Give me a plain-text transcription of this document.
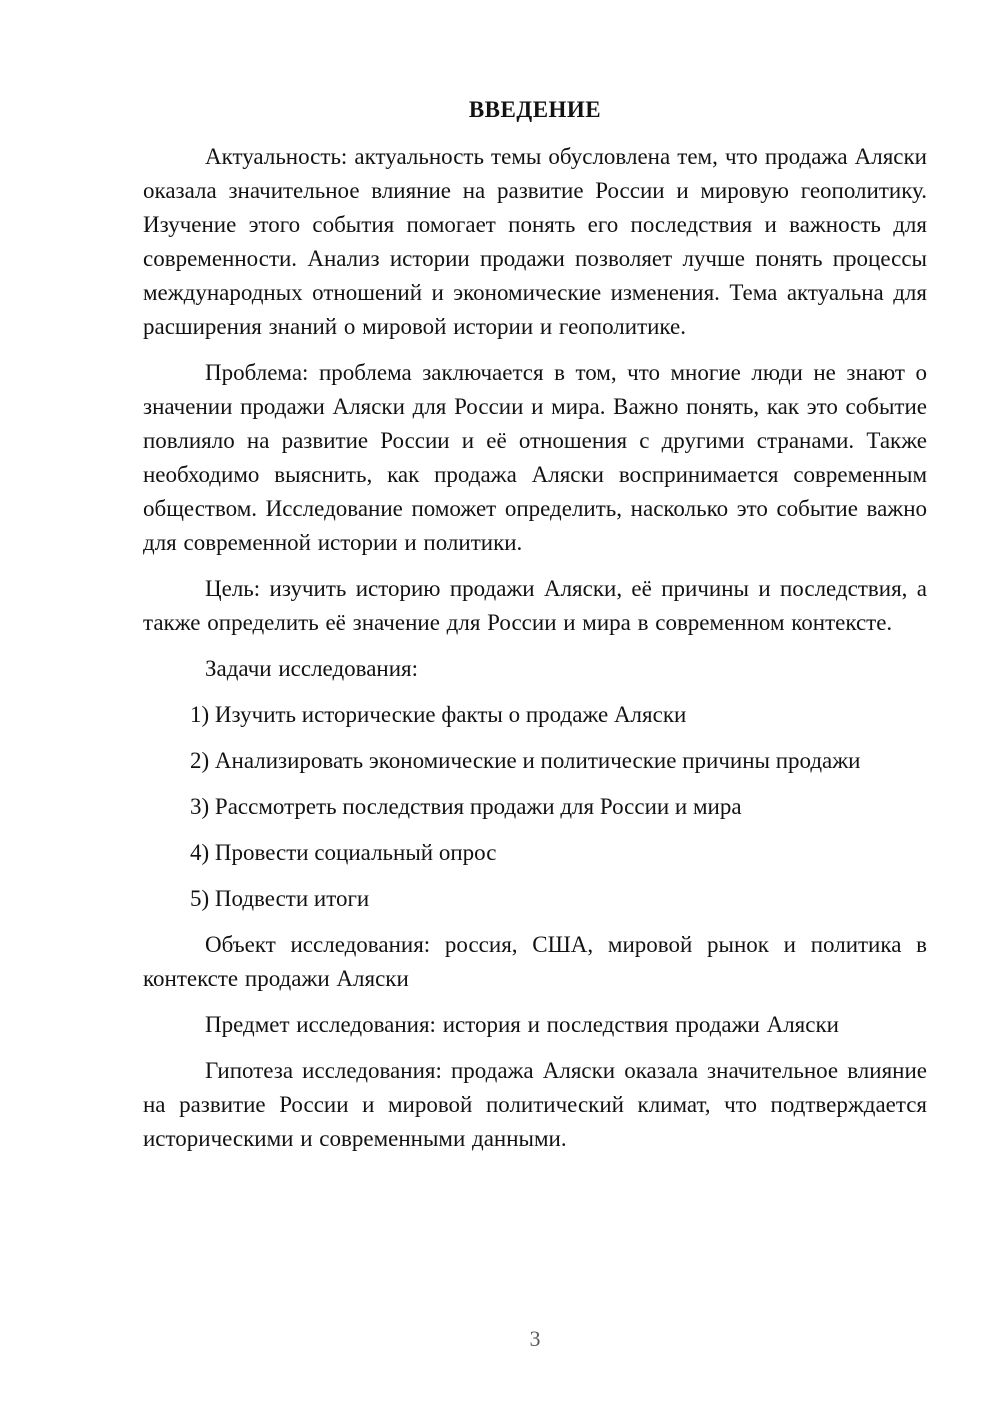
ВВЕДЕНИЕ

Актуальность: актуальность темы обусловлена тем, что продажа Аляски оказала значительное влияние на развитие России и мировую геополитику. Изучение этого события помогает понять его последствия и важность для современности. Анализ истории продажи позволяет лучше понять процессы международных отношений и экономические изменения. Тема актуальна для расширения знаний о мировой истории и геополитике.

Проблема: проблема заключается в том, что многие люди не знают о значении продажи Аляски для России и мира. Важно понять, как это событие повлияло на развитие России и её отношения с другими странами. Также необходимо выяснить, как продажа Аляски воспринимается современным обществом. Исследование поможет определить, насколько это событие важно для современной истории и политики.

Цель: изучить историю продажи Аляски, её причины и последствия, а также определить её значение для России и мира в современном контексте.

Задачи исследования:

1) Изучить исторические факты о продаже Аляски

2) Анализировать экономические и политические причины продажи

3) Рассмотреть последствия продажи для России и мира

4) Провести социальный опрос

5) Подвести итоги

Объект исследования: россия, США, мировой рынок и политика в контексте продажи Аляски

Предмет исследования: история и последствия продажи Аляски

Гипотеза исследования: продажа Аляски оказала значительное влияние на развитие России и мировой политический климат, что подтверждается историческими и современными данными.

3
